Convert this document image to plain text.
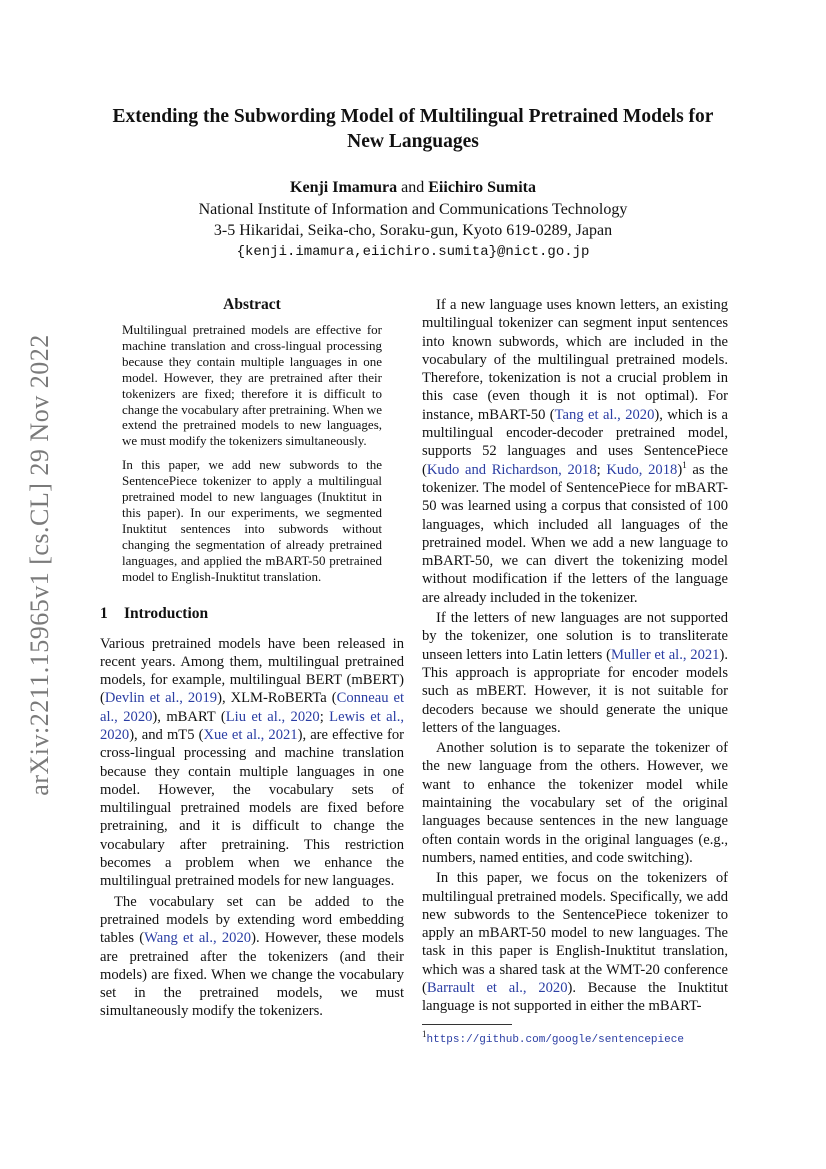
arXiv:2211.15965v1 [cs.CL] 29 Nov 2022
Extending the Subwording Model of Multilingual Pretrained Models for New Languages
Kenji Imamura and Eiichiro Sumita
National Institute of Information and Communications Technology
3-5 Hikaridai, Seika-cho, Soraku-gun, Kyoto 619-0289, Japan
{kenji.imamura,eiichiro.sumita}@nict.go.jp
Abstract

Multilingual pretrained models are effective for machine translation and cross-lingual processing because they contain multiple languages in one model. However, they are pretrained after their tokenizers are fixed; therefore it is difficult to change the vocabulary after pretraining. When we extend the pretrained models to new languages, we must modify the tokenizers simultaneously.

In this paper, we add new subwords to the SentencePiece tokenizer to apply a multilingual pretrained model to new languages (Inuktitut in this paper). In our experiments, we segmented Inuktitut sentences into subwords without changing the segmentation of already pretrained languages, and applied the mBART-50 pretrained model to English-Inuktitut translation.

1 Introduction

Various pretrained models have been released in recent years. Among them, multilingual pretrained models, for example, multilingual BERT (mBERT) (Devlin et al., 2019), XLM-RoBERTa (Conneau et al., 2020), mBART (Liu et al., 2020; Lewis et al., 2020), and mT5 (Xue et al., 2021), are effective for cross-lingual processing and machine translation because they contain multiple languages in one model. However, the vocabulary sets of multilingual pretrained models are fixed before pretraining, and it is difficult to change the vocabulary after pretraining. This restriction becomes a problem when we enhance the multilingual pretrained models for new languages.

The vocabulary set can be added to the pretrained models by extending word embedding tables (Wang et al., 2020). However, these models are pretrained after the tokenizers (and their models) are fixed. When we change the vocabulary set in the pretrained models, we must simultaneously modify the tokenizers.

If a new language uses known letters, an existing multilingual tokenizer can segment input sentences into known subwords, which are included in the vocabulary of the multilingual pretrained models. Therefore, tokenization is not a crucial problem in this case (even though it is not optimal). For instance, mBART-50 (Tang et al., 2020), which is a multilingual encoder-decoder pretrained model, supports 52 languages and uses SentencePiece (Kudo and Richardson, 2018; Kudo, 2018)$^1$ as the tokenizer. The model of SentencePiece for mBART-50 was learned using a corpus that consisted of 100 languages, which included all languages of the pretrained model. When we add a new language to mBART-50, we can divert the tokenizing model without modification if the letters of the language are already included in the tokenizer.

If the letters of new languages are not supported by the tokenizer, one solution is to transliterate unseen letters into Latin letters (Muller et al., 2021). This approach is appropriate for encoder models such as mBERT. However, it is not suitable for decoders because we should generate the unique letters of the languages.

Another solution is to separate the tokenizer of the new language from the others. However, we want to enhance the tokenizer model while maintaining the vocabulary set of the original languages because sentences in the new language often contain words in the original languages (e.g., numbers, named entities, and code switching).

In this paper, we focus on the tokenizers of multilingual pretrained models. Specifically, we add new subwords to the SentencePiece tokenizer to apply an mBART-50 model to new languages. The task in this paper is English-Inuktitut translation, which was a shared task at the WMT-20 conference (Barrault et al., 2020). Because the Inuktitut language is not supported in either the mBART-

$^1$https://github.com/google/sentencepiece
